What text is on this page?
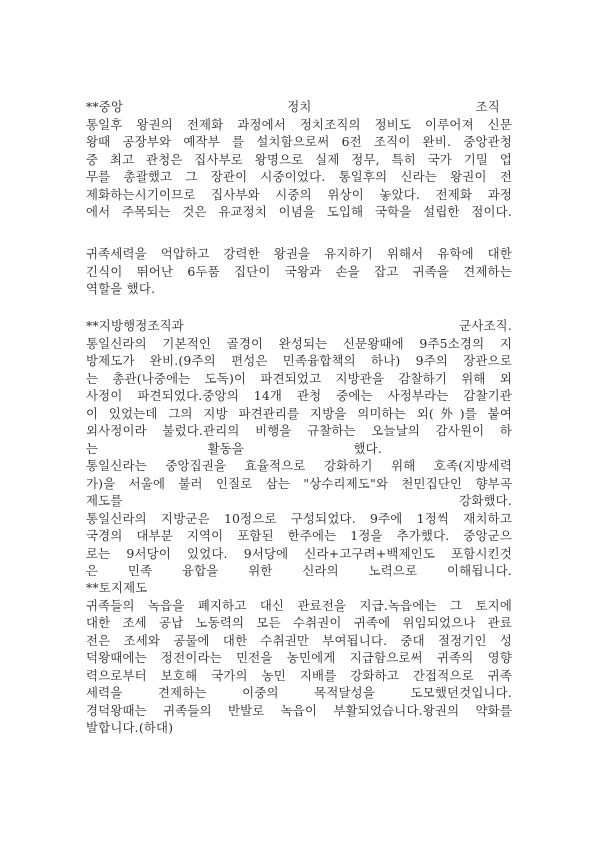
**중앙	정치	조직
통일후 왕권의 전제화 과정에서 정치조직의 정비도 이루어져 신문
왕때 공장부와 예작부 를 설치함으로써 6전 조직이 완비. 중앙관청
중 최고 관청은 집사부로 왕명으로 실제 정무, 특히 국가 기밀 업
무를 총괄했고 그 장관이 시중이었다. 통일후의 신라는 왕권이 전
제화하는시기이므로 집사부와 시중의 위상이 놓았다. 전제화 과정
에서 주목되는 것은 유교정치 이념을 도입해 국학을 설립한 점이다.
귀족세력을 억압하고 강력한 왕권을 유지하기 위해서 유학에 대한
긴식이 뛰어난 6두품 집단이 국왕과 손을 잡고 귀족을 견제하는
역할을 했다.
**지방행정조직과	군사조직.
통일신라의 기본적인 골경이 완성되는 신문왕때에 9주5소경의 지
방제도가 완비.(9주의 편성은 민족융합책의 하나) 9주의 장관으로
는 총관(나중에는 도독)이 파견되었고 지방관을 감찰하기 위해 외
사정이 파견되었다.중앙의 14개 관청 중에는 사정부라는 감찰기관
이 있었는데 그의 지방 파견관리를 지방을 의미하는 외(外)를 붙여
외사정이라 불렀다.관리의 비행을 규찰하는 오늘날의 감사원이 하
는 활동을 했다.
통일신라는 중앙집권을 효율적으로 강화하기 위해 호족(지방세력
가)을 서울에 불러 인질로 삼는 "상수리제도"와 천민집단인 향부곡
제도를 강화했다.
통일신라의 지방군은 10정으로 구성되었다. 9주에 1정씩 재치하고
국경의 대부분 지역이 포함된 한주에는 1정을 추가했다. 중앙군으
로는 9서당이 있었다. 9서당에 신라+고구려+백제인도 포함시킨것
은 민족 융합을 위한 신라의 노력으로 이해됩니다.
**토지제도
귀족들의 녹읍을 폐지하고 대신 관료전을 지급.녹읍에는 그 토지에
대한 조세 공납 노동력의 모든 수취권이 귀족에 위임되었으나 관료
전은 조세와 공물에 대한 수취권만 부여됩니다. 중대 절정기인 성
덕왕때에는 정전이라는 민전을 농민에게 지급함으로써 귀족의 영향
력으로부터 보호해 국가의 농민 지배를 강화하고 간접적으로 귀족
세력을 견제하는 이중의 목적달성을 도모했던것입니다.
경덕왕때는 귀족들의 반발로 녹읍이 부활되었습니다.왕권의 약화를
발합니다.(하대)
